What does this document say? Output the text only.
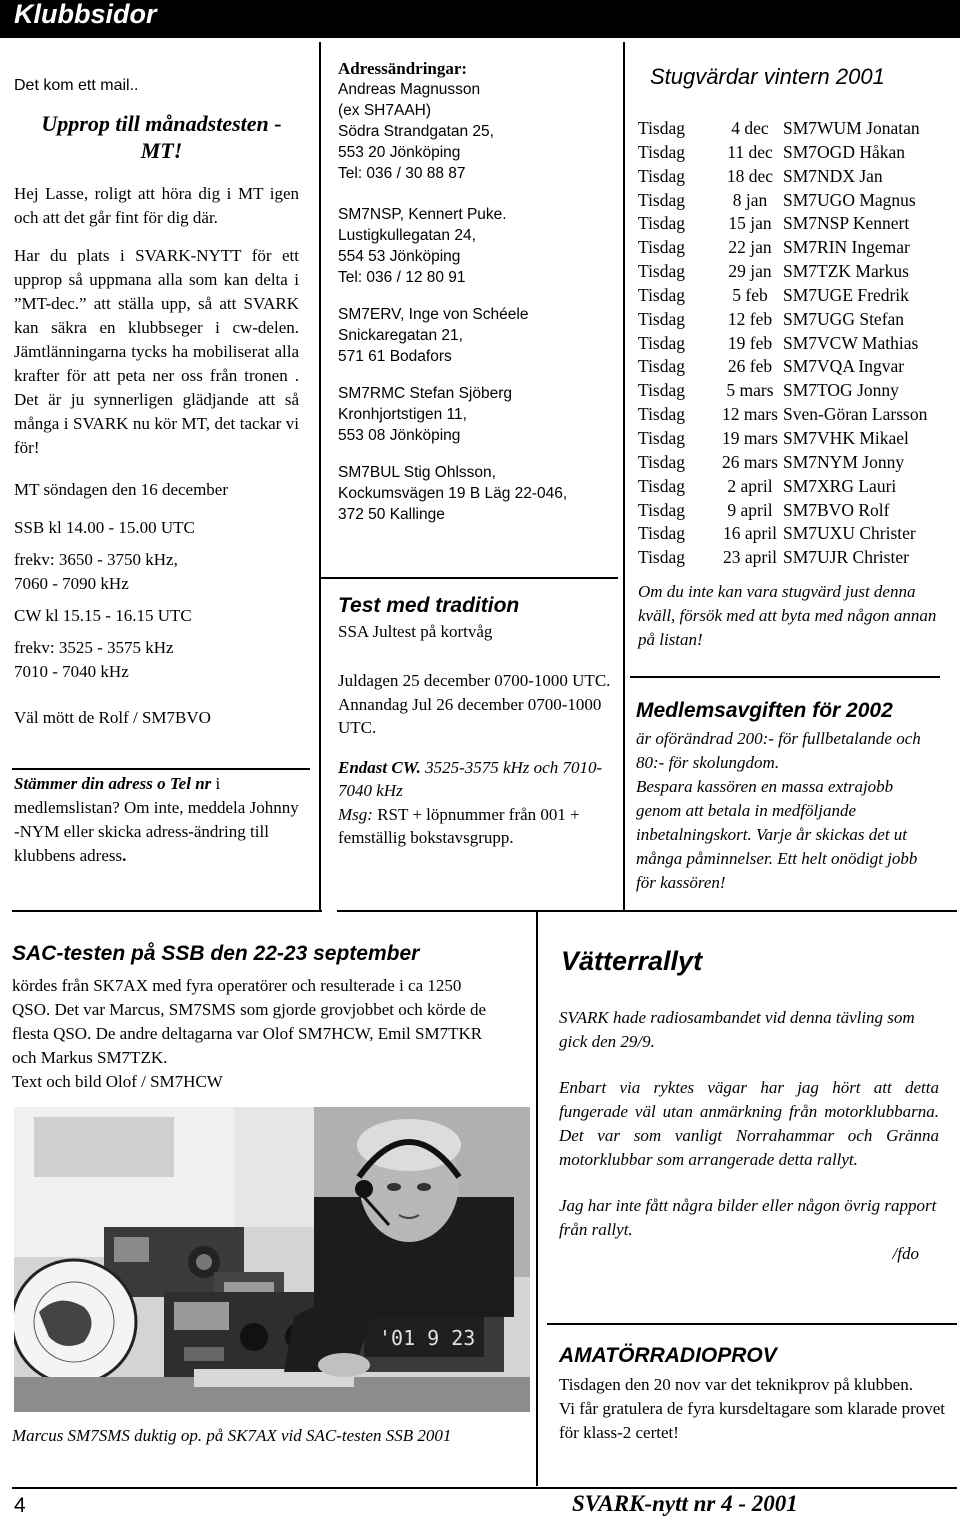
Klubbsidor

Det kom ett mail..

Upprop till månadstesten - MT!

Hej Lasse, roligt att höra dig i MT igen och att det går fint för dig där.

Har du plats i SVARK-NYTT för ett upprop så uppmana alla som kan delta i ”MT-dec.” att ställa upp, så att SVARK kan säkra en klubbseger i cw-delen. Jämtlänningarna tycks ha mobiliserat alla krafter för att peta ner oss från tronen . Det är ju synnerligen glädjande att så många i SVARK nu kör MT, det tackar vi för!

MT söndagen den 16 december

SSB kl 14.00 - 15.00 UTC

frekv: 3650 - 3750 kHz,

7060 - 7090 kHz

CW kl 15.15 - 16.15 UTC

frekv: 3525 - 3575 kHz

7010 - 7040 kHz

Väl mött de Rolf / SM7BVO

Stämmer din adress o Tel nr i medlemslistan? Om inte, meddela Johnny -NYM eller skicka adress-ändring till klubbens adress.

Adressändringar:

Andreas Magnusson

(ex SH7AAH)

Södra Strandgatan 25,

553 20 Jönköping

Tel: 036 / 30 88 87

SM7NSP, Kennert Puke.

Lustigkullegatan 24,

554 53 Jönköping

Tel: 036 / 12 80 91

SM7ERV, Inge von Schéele

Snickaregatan 21,

571 61 Bodafors

SM7RMC Stefan Sjöberg

Kronhjortstigen 11,

553 08 Jönköping

SM7BUL Stig Ohlsson,

Kockumsvägen 19 B Läg 22-046,

372 50 Kallinge

Test med tradition

SSA Jultest på kortvåg

Juldagen 25 december 0700-1000 UTC.

Annandag Jul 26 december 0700-1000 UTC.

Endast CW. 3525-3575 kHz och 7010-7040 kHz

Msg: RST + löpnummer från 001 + femställig bokstavsgrupp.

Stugvärdar vintern 2001
Tisdag	4 dec SM7WUM Jonatan
Tisdag	11 dec SM7OGD Håkan
Tisdag	18 dec SM7NDX Jan
Tisdag	8 jan SM7UGO Magnus
Tisdag	15 jan SM7NSP Kennert
Tisdag	22 jan SM7RIN Ingemar
Tisdag	29 jan SM7TZK Markus
Tisdag	5 feb SM7UGE Fredrik
Tisdag	12 feb SM7UGG Stefan
Tisdag	19 feb SM7VCW Mathias
Tisdag	26 feb SM7VQA Ingvar
Tisdag	5 mars SM7TOG Jonny
Tisdag	12 mars Sven-Göran Larsson
Tisdag	19 mars SM7VHK Mikael
Tisdag	26 mars SM7NYM Jonny
Tisdag	2 april SM7XRG Lauri
Tisdag	9 april SM7BVO Rolf
Tisdag	16 april SM7UXU Christer
Tisdag	23 april SM7UJR Christer
Om du inte kan vara stugvärd just denna kväll, försök med att byta med någon annan på listan!

Medlemsavgiften för 2002

är oförändrad 200:- för fullbetalande och 80:- för skolungdom.

Bespara kassören en massa extrajobb genom att betala in medföljande inbetalningskort. Varje år skickas det ut många påminnelser. Ett helt onödigt jobb för kassören!

SAC-testen på SSB den 22-23 september

kördes från SK7AX med fyra operatörer och resulterade i ca 1250 QSO. Det var Marcus, SM7SMS som gjorde grovjobbet och körde de flesta QSO. De andre deltagarna var Olof SM7HCW, Emil SM7TKR och Markus SM7TZK.

Text och bild Olof / SM7HCW

'01 9 23
Marcus SM7SMS duktig op. på SK7AX vid SAC-testen SSB 2001
Vätterrallyt

SVARK hade radiosambandet vid denna tävling som gick den 29/9.

Enbart via ryktes vägar har jag hört att detta fungerade väl utan anmärkning från motorklubbarna. Det var som vanligt Norrahammar och Gränna motorklubbar som arrangerade detta rallyt.

Jag har inte fått några bilder eller någon övrig rapport från rallyt.

/fdo

AMATÖRRADIOPROV

Tisdagen den 20 nov var det teknikprov på klubben.

Vi får gratulera de fyra kursdeltagare som klarade provet för klass-2 certet!

4	SVARK-nytt nr 4 - 2001
